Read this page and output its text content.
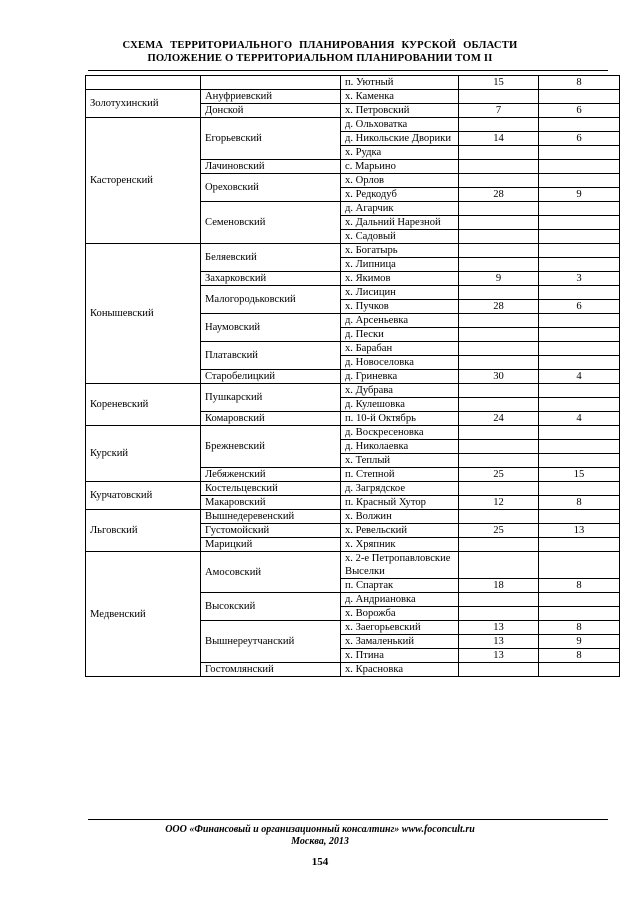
СХЕМА ТЕРРИТОРИАЛЬНОГО ПЛАНИРОВАНИЯ КУРСКОЙ ОБЛАСТИ
ПОЛОЖЕНИЕ О ТЕРРИТОРИАЛЬНОМ ПЛАНИРОВАНИИ ТОМ II
		п. Уютный	15	8
Золотухинский	Ануфриевский	х. Каменка		
	Донской	х. Петровский	7	6
Касторенский	Егорьевский	д. Ольховатка		
		д. Никольские Дворики	14	6
		х. Рудка		
	Лачиновский	с. Марьино		
	Ореховский	х. Орлов		
		х. Редкодуб	28	9
	Семеновский	д. Агарчик		
		х. Дальний Нарезной		
		х. Садовый		
Конышевский	Беляевский	х. Богатырь		
		х. Липница		
	Захарковский	х. Якимов	9	3
	Малогородьковский	х. Лисицин		
		х. Пучков	28	6
	Наумовский	д. Арсеньевка		
		д. Пески		
	Платавский	х. Барабан		
		д. Новоселовка		
	Старобелицкий	д. Гриневка	30	4
Кореневский	Пушкарский	х. Дубрава		
		д. Кулешовка		
	Комаровский	п. 10-й Октябрь	24	4
Курский	Брежневский	д. Воскресеновка		
		д. Николаевка		
		х. Теплый		
	Лебяженский	п. Степной	25	15
Курчатовский	Костельцевский	д. Загрядское		
	Макаровский	п. Красный Хутор	12	8
Льговский	Вышнедеревенский	х. Волжин		
	Густомойский	х. Ревельский	25	13
	Марицкий	х. Хряпник		
Медвенский	Амосовский	х. 2-е Петропавловские Выселки		
		п. Спартак	18	8
	Высокский	д. Андриановка		
		х. Ворожба		
	Вышнереутчанский	х. Заегорьевский	13	8
		х. Замаленький	13	9
		х. Птина	13	8
	Гостомлянский	х. Красновка		
ООО «Финансовый и организационный консалтинг» www.foconcult.ru
Москва, 2013
154
